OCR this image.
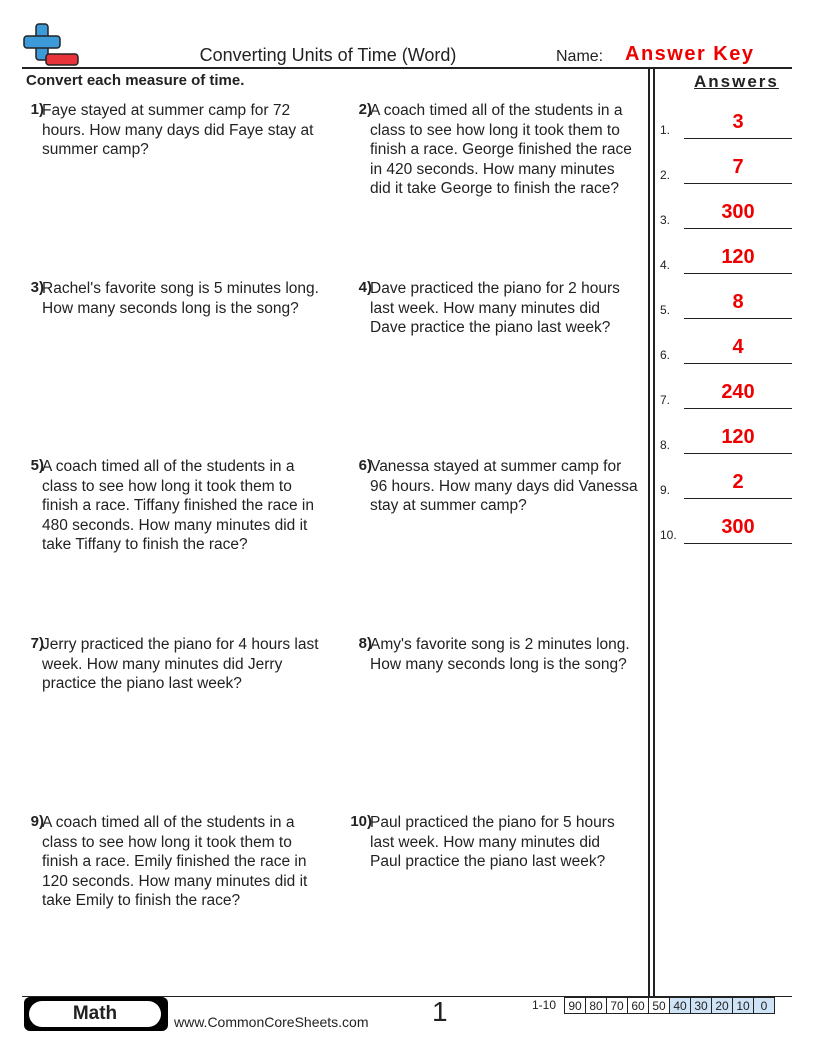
Converting Units of Time (Word)	Name: Answer Key
Convert each measure of time.	Answers
1)
Faye stayed at summer camp for 72 hours. How many days did Faye stay at summer camp?
2)
A coach timed all of the students in a class to see how long it took them to finish a race. George finished the race in 420 seconds. How many minutes did it take George to finish the race?
3)
Rachel's favorite song is 5 minutes long. How many seconds long is the song?
4)
Dave practiced the piano for 2 hours last week. How many minutes did Dave practice the piano last week?
5)
A coach timed all of the students in a class to see how long it took them to finish a race. Tiffany finished the race in 480 seconds. How many minutes did it take Tiffany to finish the race?
6)
Vanessa stayed at summer camp for 96 hours. How many days did Vanessa stay at summer camp?
7)
Jerry practiced the piano for 4 hours last week. How many minutes did Jerry practice the piano last week?
8)
Amy's favorite song is 2 minutes long. How many seconds long is the song?
9)
A coach timed all of the students in a class to see how long it took them to finish a race. Emily finished the race in 120 seconds. How many minutes did it take Emily to finish the race?
10)
Paul practiced the piano for 5 hours last week. How many minutes did Paul practice the piano last week?
1.	3
2.	7
3.	300
4.	120
5.	8
6.	4
7.	240
8.	120
9.	2
10.	300
Math	www.CommonCoreSheets.com 1	1-10 90	80	70	60	50	40	30	20	10	0
